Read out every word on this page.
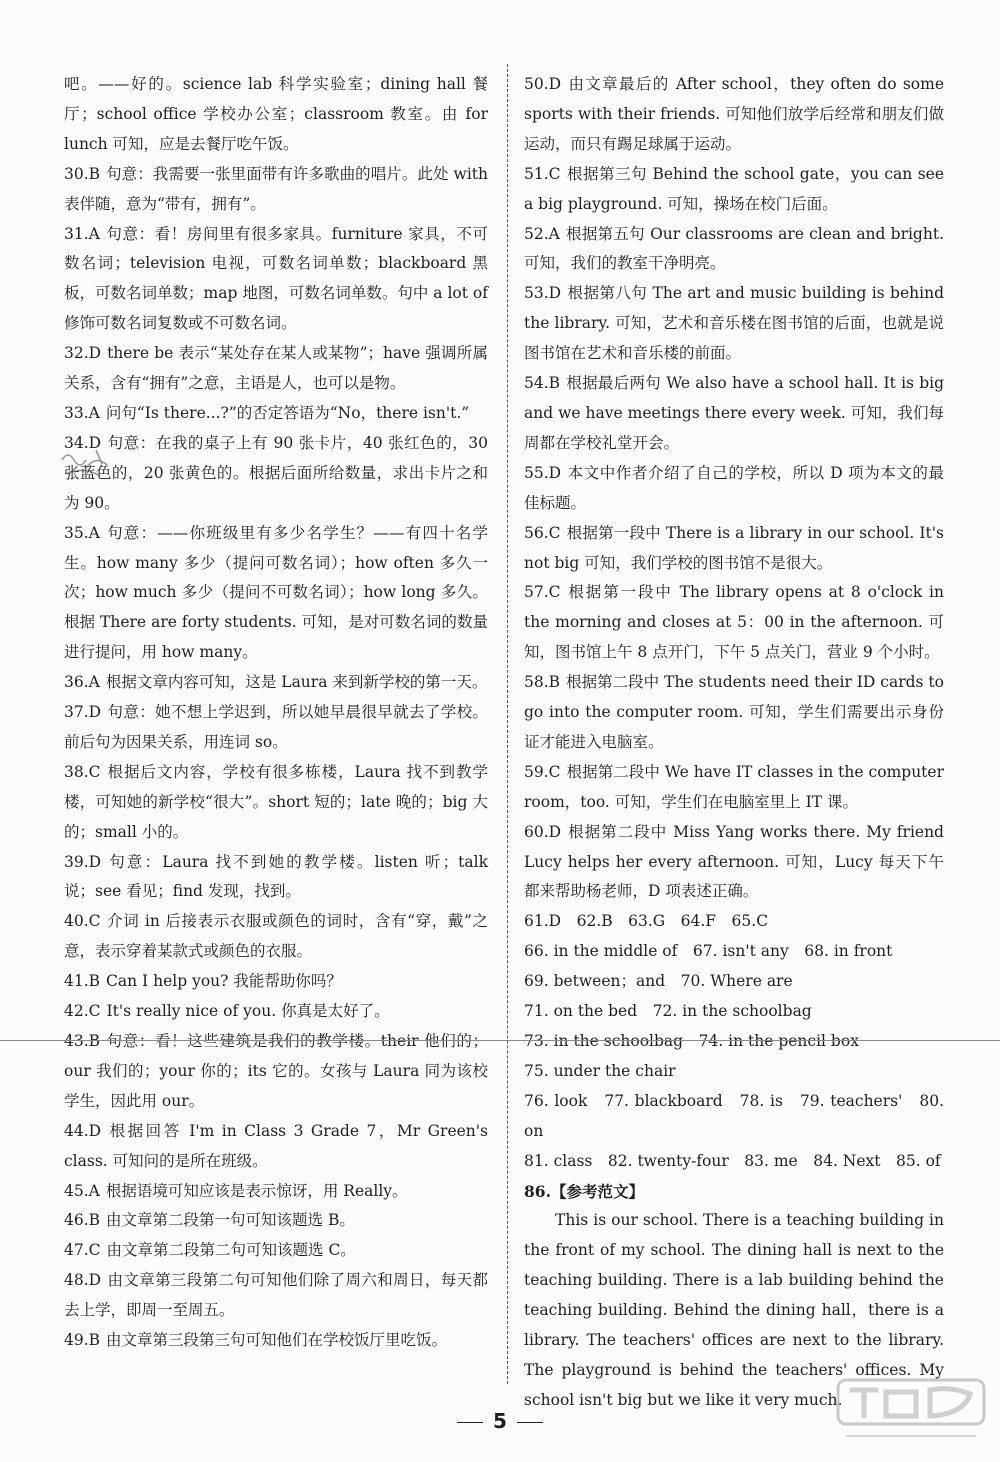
吧。——好的。science lab 科学实验室；dining hall 餐厅；school office 学校办公室；classroom 教室。由 for lunch 可知，应是去餐厅吃午饭。

30.B 句意：我需要一张里面带有许多歌曲的唱片。此处 with 表伴随，意为“带有，拥有”。

31.A 句意：看！房间里有很多家具。furniture 家具，不可数名词；television 电视，可数名词单数；blackboard 黑板，可数名词单数；map 地图，可数名词单数。句中 a lot of 修饰可数名词复数或不可数名词。

32.D there be 表示“某处存在某人或某物”；have 强调所属关系，含有“拥有”之意，主语是人，也可以是物。

33.A 问句“Is there...?”的否定答语为“No，there isn't.”

34.D 句意：在我的桌子上有 90 张卡片，40 张红色的，30 张蓝色的，20 张黄色的。根据后面所给数量，求出卡片之和为 90。

35.A 句意：——你班级里有多少名学生？——有四十名学生。how many 多少（提问可数名词）；how often 多久一次；how much 多少（提问不可数名词）；how long 多久。根据 There are forty students. 可知，是对可数名词的数量进行提问，用 how many。

36.A 根据文章内容可知，这是 Laura 来到新学校的第一天。

37.D 句意：她不想上学迟到，所以她早晨很早就去了学校。前后句为因果关系，用连词 so。

38.C 根据后文内容，学校有很多栋楼，Laura 找不到教学楼，可知她的新学校“很大”。short 短的；late 晚的；big 大的；small 小的。

39.D 句意：Laura 找不到她的教学楼。listen 听；talk 说；see 看见；find 发现，找到。

40.C 介词 in 后接表示衣服或颜色的词时，含有“穿，戴”之意，表示穿着某款式或颜色的衣服。

41.B Can I help you? 我能帮助你吗？

42.C It's really nice of you. 你真是太好了。

43.B 句意：看！这些建筑是我们的教学楼。their 他们的；our 我们的；your 你的；its 它的。女孩与 Laura 同为该校学生，因此用 our。

44.D 根据回答 I'm in Class 3 Grade 7，Mr Green's class. 可知问的是所在班级。

45.A 根据语境可知应该是表示惊讶，用 Really。

46.B 由文章第二段第一句可知该题选 B。

47.C 由文章第二段第二句可知该题选 C。

48.D 由文章第三段第二句可知他们除了周六和周日，每天都去上学，即周一至周五。

49.B 由文章第三段第三句可知他们在学校饭厅里吃饭。

50.D 由文章最后的 After school，they often do some sports with their friends. 可知他们放学后经常和朋友们做运动，而只有踢足球属于运动。

51.C 根据第三句 Behind the school gate，you can see a big playground. 可知，操场在校门后面。

52.A 根据第五句 Our classrooms are clean and bright. 可知，我们的教室干净明亮。

53.D 根据第八句 The art and music building is behind the library. 可知，艺术和音乐楼在图书馆的后面，也就是说图书馆在艺术和音乐楼的前面。

54.B 根据最后两句 We also have a school hall. It is big and we have meetings there every week. 可知，我们每周都在学校礼堂开会。

55.D 本文中作者介绍了自己的学校，所以 D 项为本文的最佳标题。

56.C 根据第一段中 There is a library in our school. It's not big 可知，我们学校的图书馆不是很大。

57.C 根据第一段中 The library opens at 8 o'clock in the morning and closes at 5：00 in the afternoon. 可知，图书馆上午 8 点开门，下午 5 点关门，营业 9 个小时。

58.B 根据第二段中 The students need their ID cards to go into the computer room. 可知，学生们需要出示身份证才能进入电脑室。

59.C 根据第二段中 We have IT classes in the computer room，too. 可知，学生们在电脑室里上 IT 课。

60.D 根据第二段中 Miss Yang works there. My friend Lucy helps her every afternoon. 可知，Lucy 每天下午都来帮助杨老师，D 项表述正确。

61.D　62.B　63.G　64.F　65.C

66. in the middle of　67. isn't any　68. in front

69. between；and　70. Where are

71. on the bed　72. in the schoolbag

73. in the schoolbag　74. in the pencil box

75. under the chair

76. look　77. blackboard　78. is　79. teachers'　80. on

81. class　82. twenty-four　83. me　84. Next　85. of

86.【参考范文】

This is our school. There is a teaching building in the front of my school. The dining hall is next to the teaching building. There is a lab building behind the teaching building. Behind the dining hall，there is a library. The teachers' offices are next to the library. The playground is behind the teachers' offices. My school isn't big but we like it very much.

5
